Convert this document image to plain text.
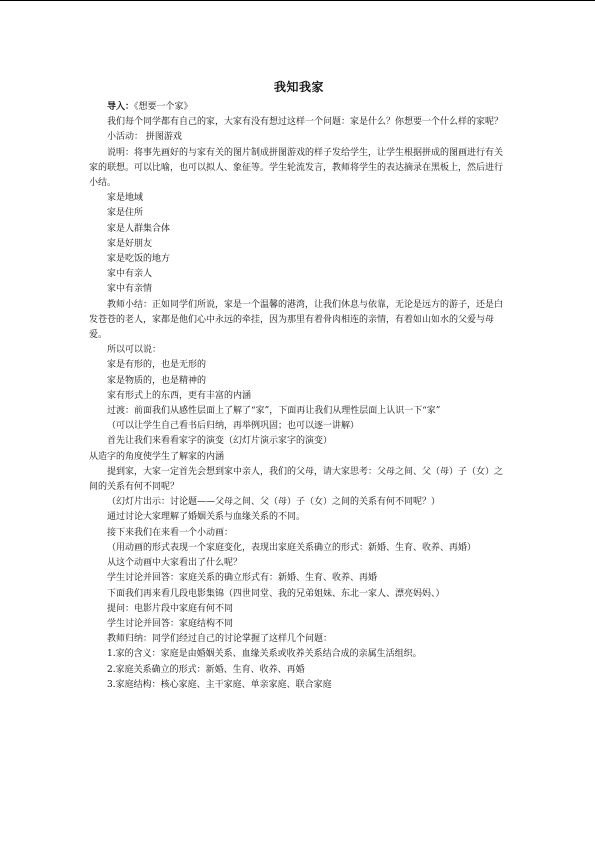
我知我家

导入：《想要一个家》

我们每个同学都有自己的家，大家有没有想过这样一个问题：家是什么？你想要一个什么样的家呢？

小活动： 拼图游戏

说明：将事先画好的与家有关的图片制成拼图游戏的样子发给学生，让学生根据拼成的图画进行有关家的联想。可以比喻，也可以拟人、象征等。学生轮流发言，教师将学生的表达摘录在黑板上，然后进行小结。

家是地域

家是住所

家是人群集合体

家是好朋友

家是吃饭的地方

家中有亲人

家中有亲情

教师小结：正如同学们所说，家是一个温馨的港湾，让我们休息与依靠，无论是远方的游子，还是白发苍苍的老人，家都是他们心中永远的牵挂，因为那里有着骨肉相连的亲情，有着如山如水的父爱与母爱。

所以可以说：

家是有形的，也是无形的

家是物质的，也是精神的

家有形式上的东西，更有丰富的内涵

过渡：前面我们从感性层面上了解了“家”，下面再让我们从理性层面上认识一下“家”

（可以让学生自己看书后归纳，再举例巩固；也可以逐一讲解）

首先让我们来看看家字的演变（幻灯片演示家字的演变）

从造字的角度使学生了解家的内涵

提到家，大家一定首先会想到家中亲人，我们的父母，请大家思考：父母之间、父（母）子（女）之间的关系有何不同呢？

（幻灯片出示：讨论题——父母之间、父（母）子（女）之间的关系有何不同呢？）

通过讨论大家理解了婚姻关系与血缘关系的不同。

接下来我们在来看一个小动画：

（用动画的形式表现一个家庭变化，表现出家庭关系确立的形式：新婚、生育、收养、再婚）

从这个动画中大家看出了什么呢？

学生讨论并回答：家庭关系的确立形式有：新婚、生育、收养、再婚

下面我们再来看几段电影集锦（四世同堂、我的兄弟姐妹、东北一家人、漂亮妈妈、）

提问：电影片段中家庭有何不同

学生讨论并回答：家庭结构不同

教师归纳：同学们经过自己的讨论掌握了这样几个问题：

1.家的含义：家庭是由婚姻关系、血缘关系或收养关系结合成的亲属生活组织。

2.家庭关系确立的形式：新婚、生育、收养、再婚

3.家庭结构：核心家庭、主干家庭、单亲家庭、联合家庭
